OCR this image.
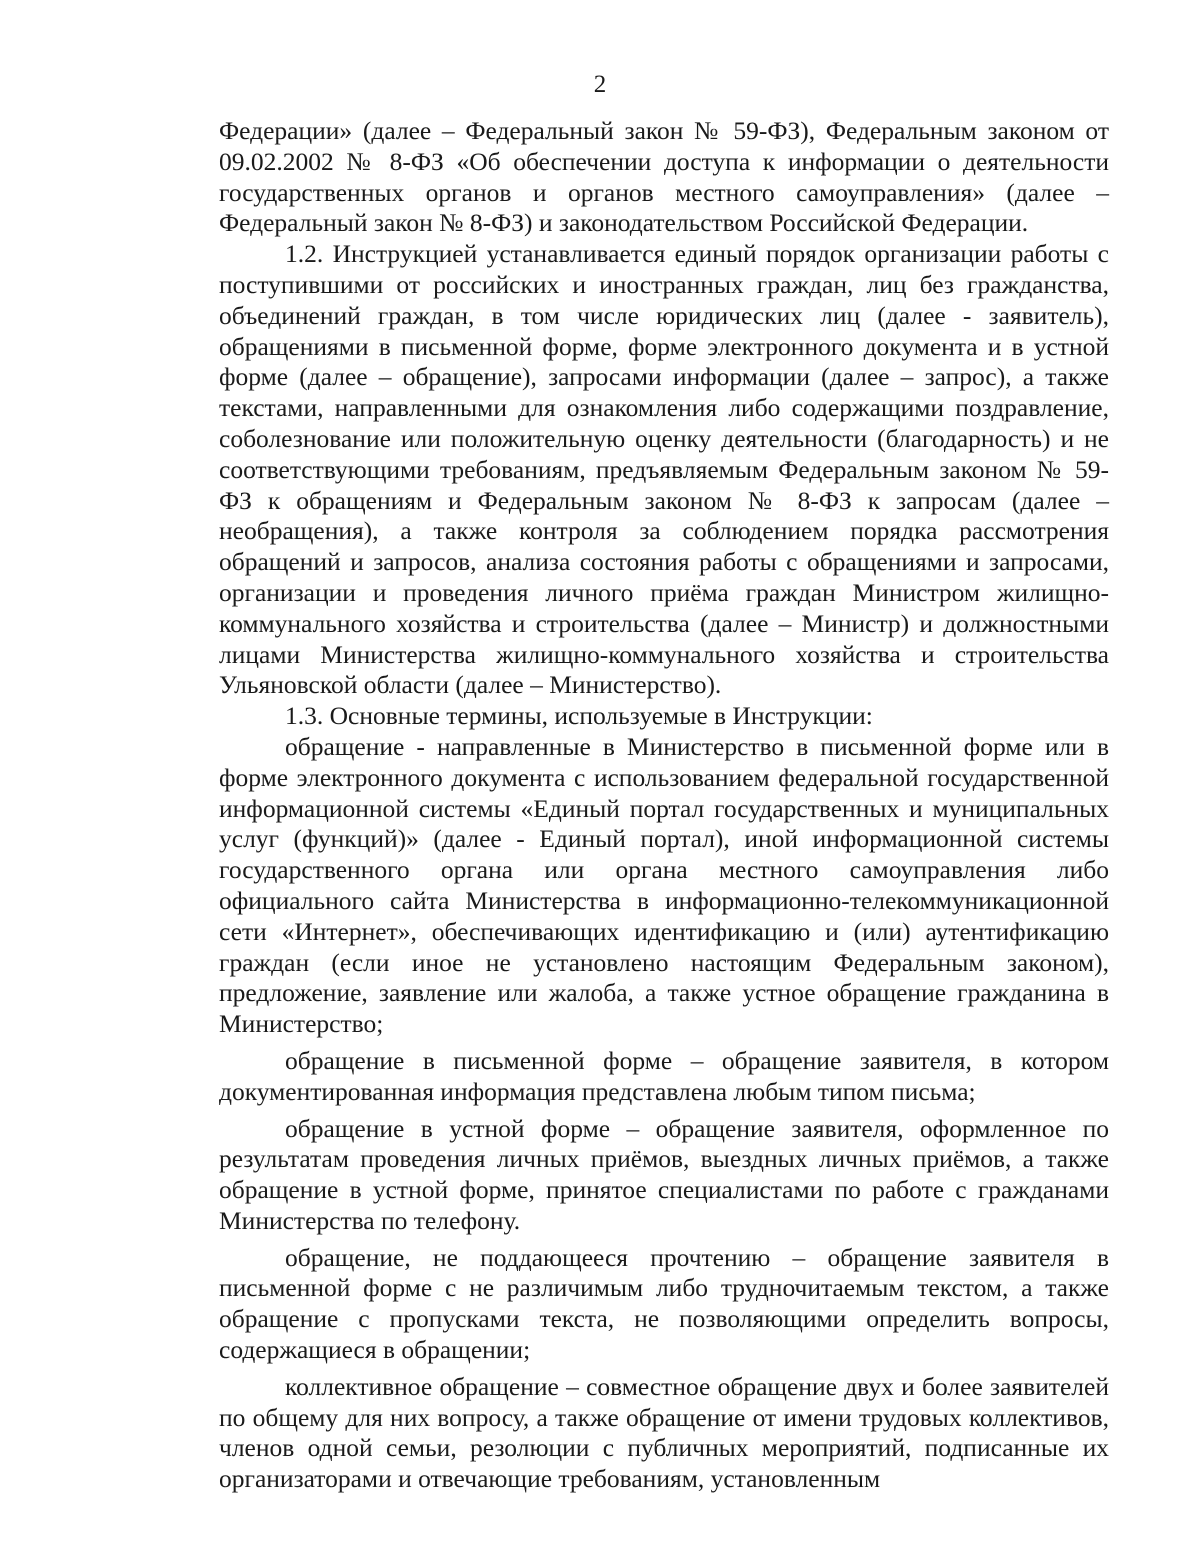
2

Федерации» (далее – Федеральный закон № 59-ФЗ), Федеральным законом от 09.02.2002 № 8-ФЗ «Об обеспечении доступа к информации о деятельности государственных органов и органов местного самоуправления» (далее – Федеральный закон № 8-ФЗ) и законодательством Российской Федерации.

1.2. Инструкцией устанавливается единый порядок организации работы с поступившими от российских и иностранных граждан, лиц без гражданства, объединений граждан, в том числе юридических лиц (далее - заявитель), обращениями в письменной форме, форме электронного документа и в устной форме (далее – обращение), запросами информации (далее – запрос), а также текстами, направленными для ознакомления либо содержащими поздравление, соболезнование или положительную оценку деятельности (благодарность) и не соответствующими требованиям, предъявляемым Федеральным законом № 59-ФЗ к обращениям и Федеральным законом № 8-ФЗ к запросам (далее – необращения), а также контроля за соблюдением порядка рассмотрения обращений и запросов, анализа состояния работы с обращениями и запросами, организации и проведения личного приёма граждан Министром жилищно-коммунального хозяйства и строительства (далее – Министр) и должностными лицами Министерства жилищно-коммунального хозяйства и строительства Ульяновской области (далее – Министерство).

1.3. Основные термины, используемые в Инструкции:

обращение - направленные в Министерство в письменной форме или в форме электронного документа с использованием федеральной государственной информационной системы «Единый портал государственных и муниципальных услуг (функций)» (далее - Единый портал), иной информационной системы государственного органа или органа местного самоуправления либо официального сайта Министерства в информационно-телекоммуникационной сети «Интернет», обеспечивающих идентификацию и (или) аутентификацию граждан (если иное не установлено настоящим Федеральным законом), предложение, заявление или жалоба, а также устное обращение гражданина в Министерство;

обращение в письменной форме – обращение заявителя, в котором документированная информация представлена любым типом письма;

обращение в устной форме – обращение заявителя, оформленное по результатам проведения личных приёмов, выездных личных приёмов, а также обращение в устной форме, принятое специалистами по работе с гражданами Министерства по телефону.

обращение, не поддающееся прочтению – обращение заявителя в письменной форме с не различимым либо трудночитаемым текстом, а также обращение с пропусками текста, не позволяющими определить вопросы, содержащиеся в обращении;

коллективное обращение – совместное обращение двух и более заявителей по общему для них вопросу, а также обращение от имени трудовых коллективов, членов одной семьи, резолюции с публичных мероприятий, подписанные их организаторами и отвечающие требованиям, установленным
